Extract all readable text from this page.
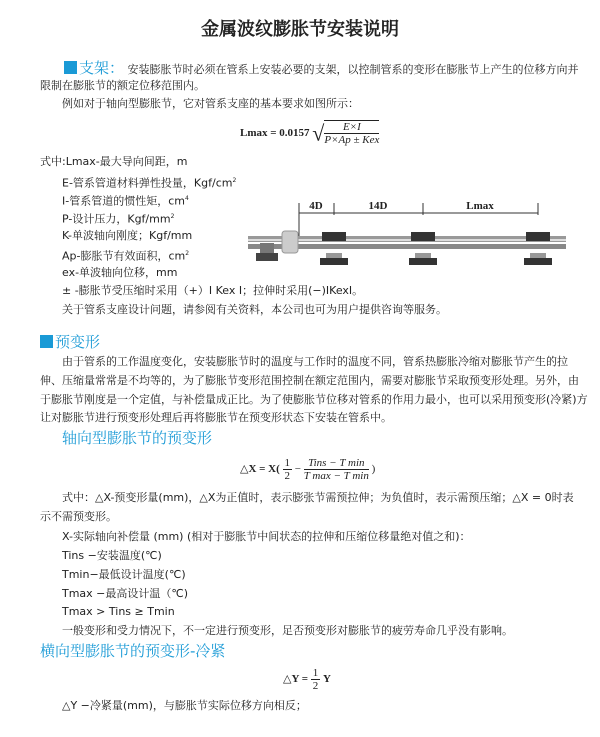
金属波纹膨胀节安装说明
支架： 安装膨胀节时必须在管系上安装必要的支架，以控制管系的变形在膨胀节上产生的位移方向并
限制在膨胀节的额定位移范围内。
例如对于轴向型膨胀节，它对管系支座的基本要求如图所示：
Lmax = 0.0157 √ $\frac{E\times I}{\text{P×Ap ± Kex}}$
式中:Lmax-最大导向间距，m
E-管系管道材料弹性投量，Kgf/$cm^2$
I-管系管道的惯性矩，$cm^4$
P-设计压力，Kgf/$mm^2$
K-单波轴向刚度；Kgf/mm
Ap-膨胀节有效面积，$cm^2$
ex-单波轴向位移，mm
± -膨胀节受压缩时采用（+）I Kex I；拉伸时采用(−)IKexI。
关于管系支座设计问题，请参阅有关资料，本公司也可为用户提供咨询等服务。
4D	14D	Lmax
预变形
由于管系的工作温度变化，安装膨胀节时的温度与工作时的温度不同，管系热膨胀冷缩对膨胀节产生的拉
伸、压缩量常常是不均等的，为了膨胀节变形范围控制在额定范围内，需要对膨胀节采取预变形处理。另外，由
于膨胀节刚度是一个定值，与补偿量成正比。为了使膨胀节位移对管系的作用力最小，也可以采用预变形(冷紧)方
让对膨胀节进行预变形处理后再将膨胀节在预变形状态下安装在管系中。
轴向型膨胀节的预变形
△X = $X( \frac{1}{2} - \frac{\text{Tins − T min}}{\text{T max − T min}}$ )
式中：△X-预变形量(mm)，△X为正值时，表示膨张节需预拉伸；为负值时，表示需预压缩；△X = 0时表
示不需预变形。
X-实际轴向补偿量 (mm) (相对于膨胀节中间状态的拉伸和压缩位移量绝对值之和)：
Tins −安装温度(℃)
Tmin−最低设计温度(℃)
Tmax −最高设计温（℃)
Tmax > Tins ≥ Tmin
一般变形和受力情况下，不一定进行预变形，足否预变形对膨胀节的疲劳寿命几乎没有影响。
横向型膨胀节的预变形-冷紧
△Y = $\frac{1}{2}$ Y
△Y −冷紧量(mm)，与膨胀节实际位移方向相反；
